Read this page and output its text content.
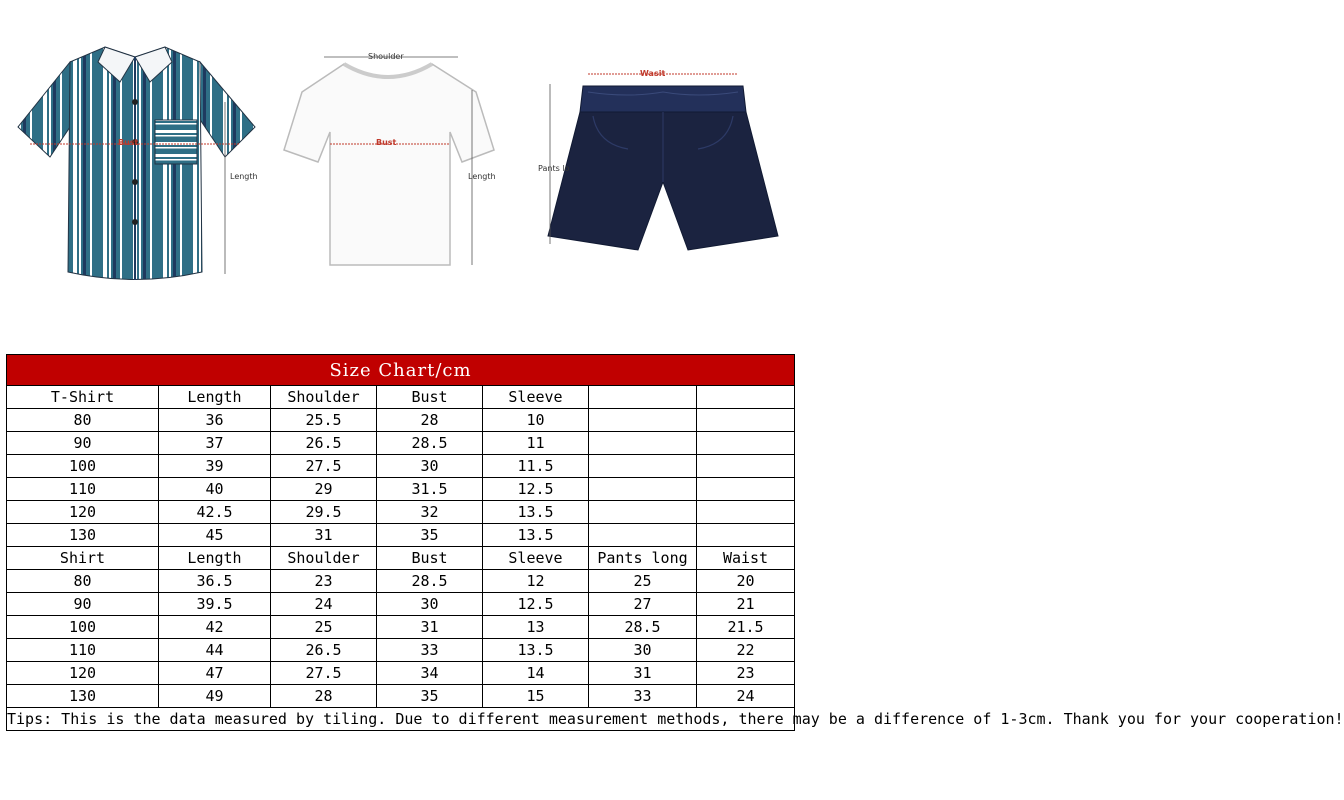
Bust
Length
Shoulder
Bust
Length
Wasit
Pants lo
Size Chart/cm						
T-Shirt	Length	Shoulder	Bust	Sleeve		
80	36	25.5	28	10		
90	37	26.5	28.5	11		
100	39	27.5	30	11.5		
110	40	29	31.5	12.5		
120	42.5	29.5	32	13.5		
130	45	31	35	13.5		
Shirt	Length	Shoulder	Bust	Sleeve	Pants long	Waist
80	36.5	23	28.5	12	25	20
90	39.5	24	30	12.5	27	21
100	42	25	31	13	28.5	21.5
110	44	26.5	33	13.5	30	22
120	47	27.5	34	14	31	23
130	49	28	35	15	33	24
Tips: This is the data measured by tiling. Due to different measurement methods, there may be a difference of 1-3cm. Thank you for your cooperation!						
